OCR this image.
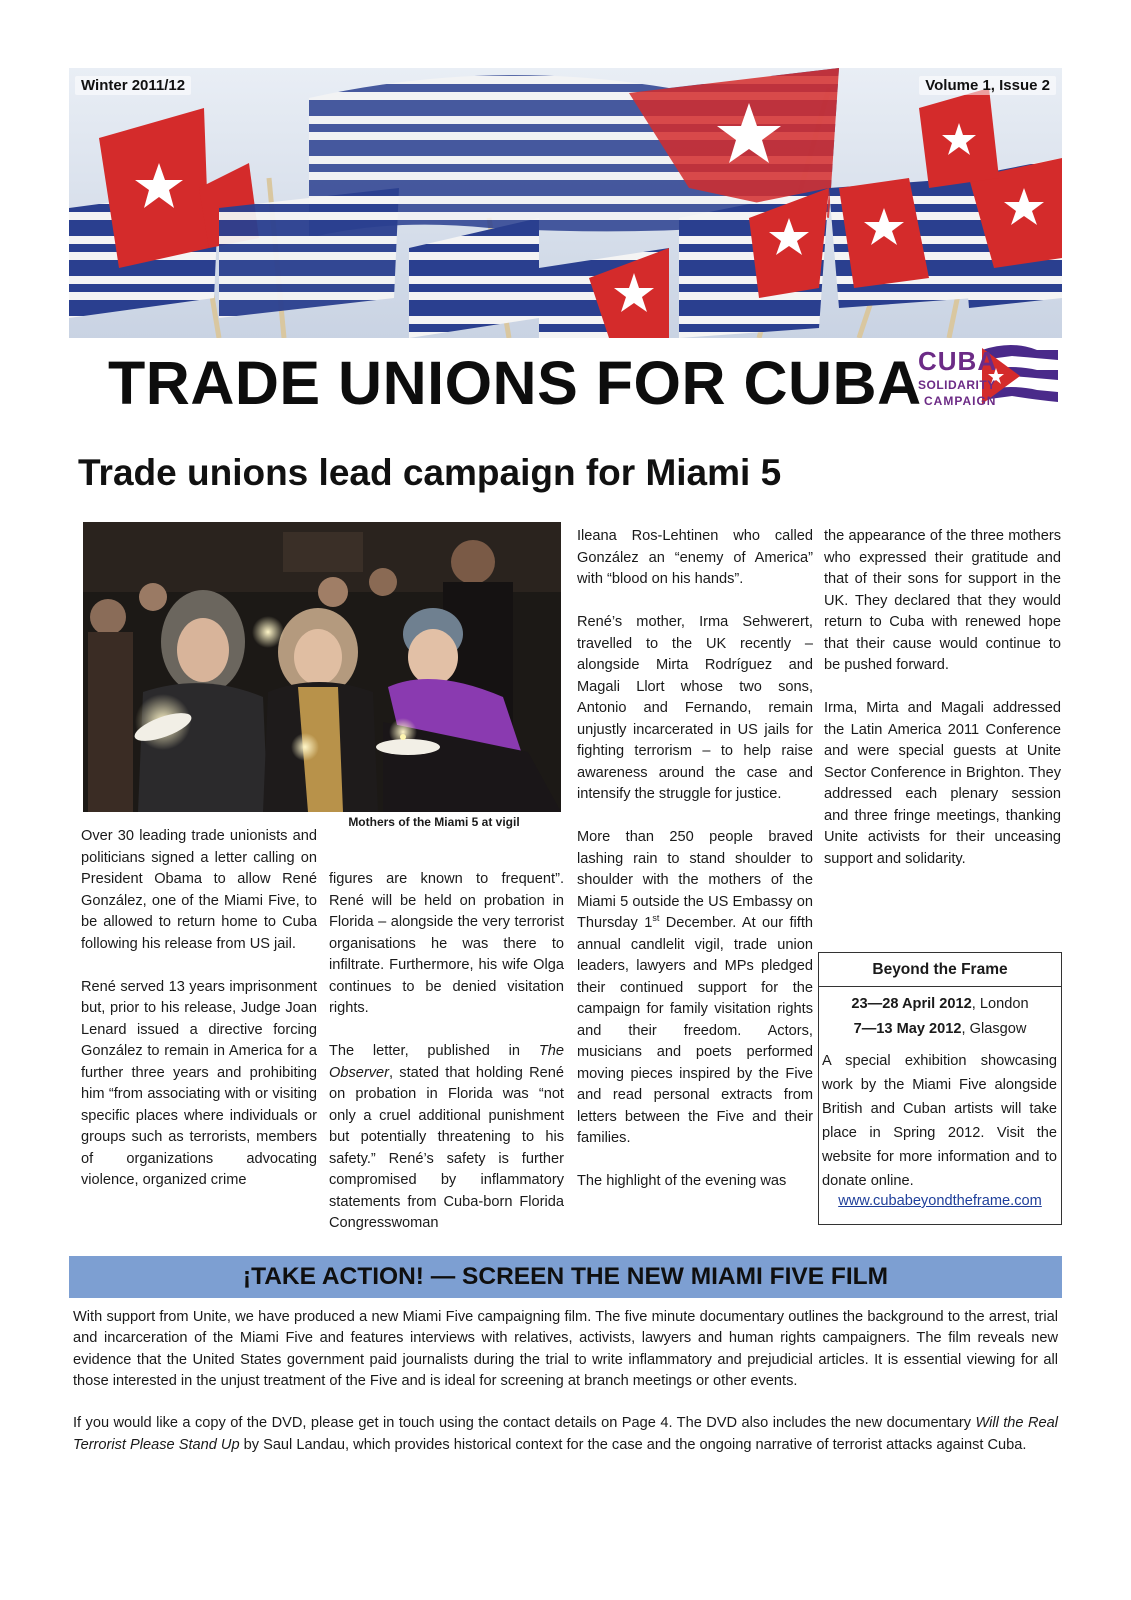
Winter 2011/12	Volume 1, Issue 2
TRADE UNIONS FOR CUBA
CUBA
SOLIDARITY
CAMPAIGN
Trade unions lead campaign for Miami 5
Mothers of the Miami 5 at vigil

Over 30 leading trade unionists and politicians signed a letter calling on President Obama to allow René González, one of the Miami Five, to be allowed to return home to Cuba following his release from US jail.

René served 13 years imprisonment but, prior to his release, Judge Joan Lenard issued a directive forcing González to remain in America for a further three years and prohibiting him “from associating with or visiting specific places where individuals or groups such as terrorists, members of organizations advocating violence, organized crime

figures are known to frequent”. René will be held on probation in Florida – alongside the very terrorist organisations he was there to infiltrate. Furthermore, his wife Olga continues to be denied visitation rights.

The letter, published in The Observer, stated that holding René on probation in Florida was “not only a cruel additional punishment but potentially threatening to his safety.” René’s safety is further compromised by inflammatory statements from Cuba-born Florida Congresswoman

Ileana Ros-Lehtinen who called González an “enemy of America” with “blood on his hands”.

René’s mother, Irma Sehwerert, travelled to the UK recently – alongside Mirta Rodríguez and Magali Llort whose two sons, Antonio and Fernando, remain unjustly incarcerated in US jails for fighting terrorism – to help raise awareness around the case and intensify the struggle for justice.

More than 250 people braved lashing rain to stand shoulder to shoulder with the mothers of the Miami 5 outside the US Embassy on Thursday 1st December. At our fifth annual candlelit vigil, trade union leaders, lawyers and MPs pledged their continued support for the campaign for family visitation rights and their freedom. Actors, musicians and poets performed moving pieces inspired by the Five and read personal extracts from letters between the Five and their families.

The highlight of the evening was

the appearance of the three mothers who expressed their gratitude and that of their sons for support in the UK. They declared that they would return to Cuba with renewed hope that their cause would continue to be pushed forward.

Irma, Mirta and Magali addressed the Latin America 2011 Conference and were special guests at Unite Sector Conference in Brighton. They addressed each plenary session and three fringe meetings, thanking Unite activists for their unceasing support and solidarity.

Beyond the Frame
23—28 April 2012, London
7—13 May 2012, Glasgow
A special exhibition showcasing work by the Miami Five alongside British and Cuban artists will take place in Spring 2012. Visit the website for more information and to donate online.
www.cubabeyondtheframe.com
¡TAKE ACTION! — SCREEN THE NEW MIAMI FIVE FILM

With support from Unite, we have produced a new Miami Five campaigning film. The five minute documentary outlines the background to the arrest, trial and incarceration of the Miami Five and features interviews with relatives, activists, lawyers and human rights campaigners. The film reveals new evidence that the United States government paid journalists during the trial to write inflammatory and prejudicial articles. It is essential viewing for all those interested in the unjust treatment of the Five and is ideal for screening at branch meetings or other events.

If you would like a copy of the DVD, please get in touch using the contact details on Page 4. The DVD also includes the new documentary Will the Real Terrorist Please Stand Up by Saul Landau, which provides historical context for the case and the ongoing narrative of terrorist attacks against Cuba.
